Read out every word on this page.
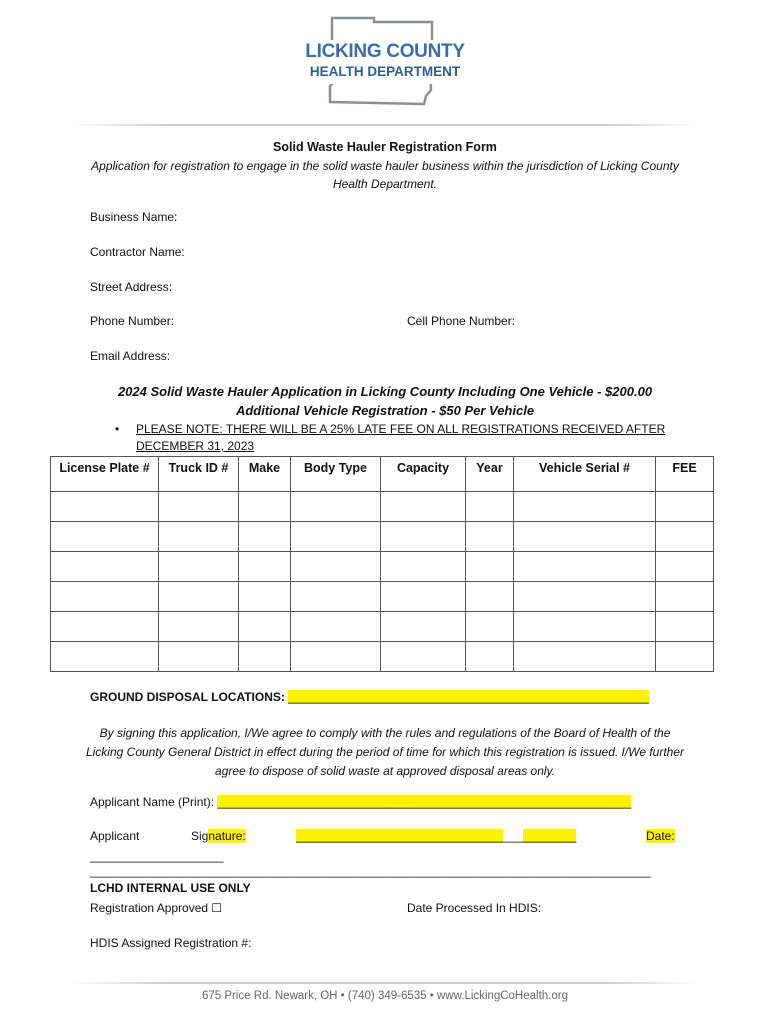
LICKING COUNTY
HEALTH DEPARTMENT
Solid Waste Hauler Registration Form
Application for registration to engage in the solid waste hauler business within the jurisdiction of Licking County Health Department.
Business Name:
Contractor Name:
Street Address:
Phone Number:	Cell Phone Number:
Email Address:
2024 Solid Waste Hauler Application in Licking County Including One Vehicle - $200.00
Additional Vehicle Registration - $50 Per Vehicle
• PLEASE NOTE: THERE WILL BE A 25% LATE FEE ON ALL REGISTRATIONS RECEIVED AFTER DECEMBER 31, 2023
License Plate #	Truck ID #	Make	Body Type	Capacity	Year	Vehicle Serial #	FEE

GROUND DISPOSAL LOCATIONS: ______________________________________________________
By signing this application, I/We agree to comply with the rules and regulations of the Board of Health of the Licking County General District in effect during the period of time for which this registration is issued. I/We further agree to dispose of solid waste at approved disposal areas only.
Applicant Name (Print): ______________________________________________________________
Applicant	Signature:	__________________________________________	Date:
____________________
____________________________________________________________________________________
LCHD INTERNAL USE ONLY
Registration Approved ☐	Date Processed In HDIS:
HDIS Assigned Registration #:
675 Price Rd. Newark, OH • (740) 349-6535 • www.LickingCoHealth.org
